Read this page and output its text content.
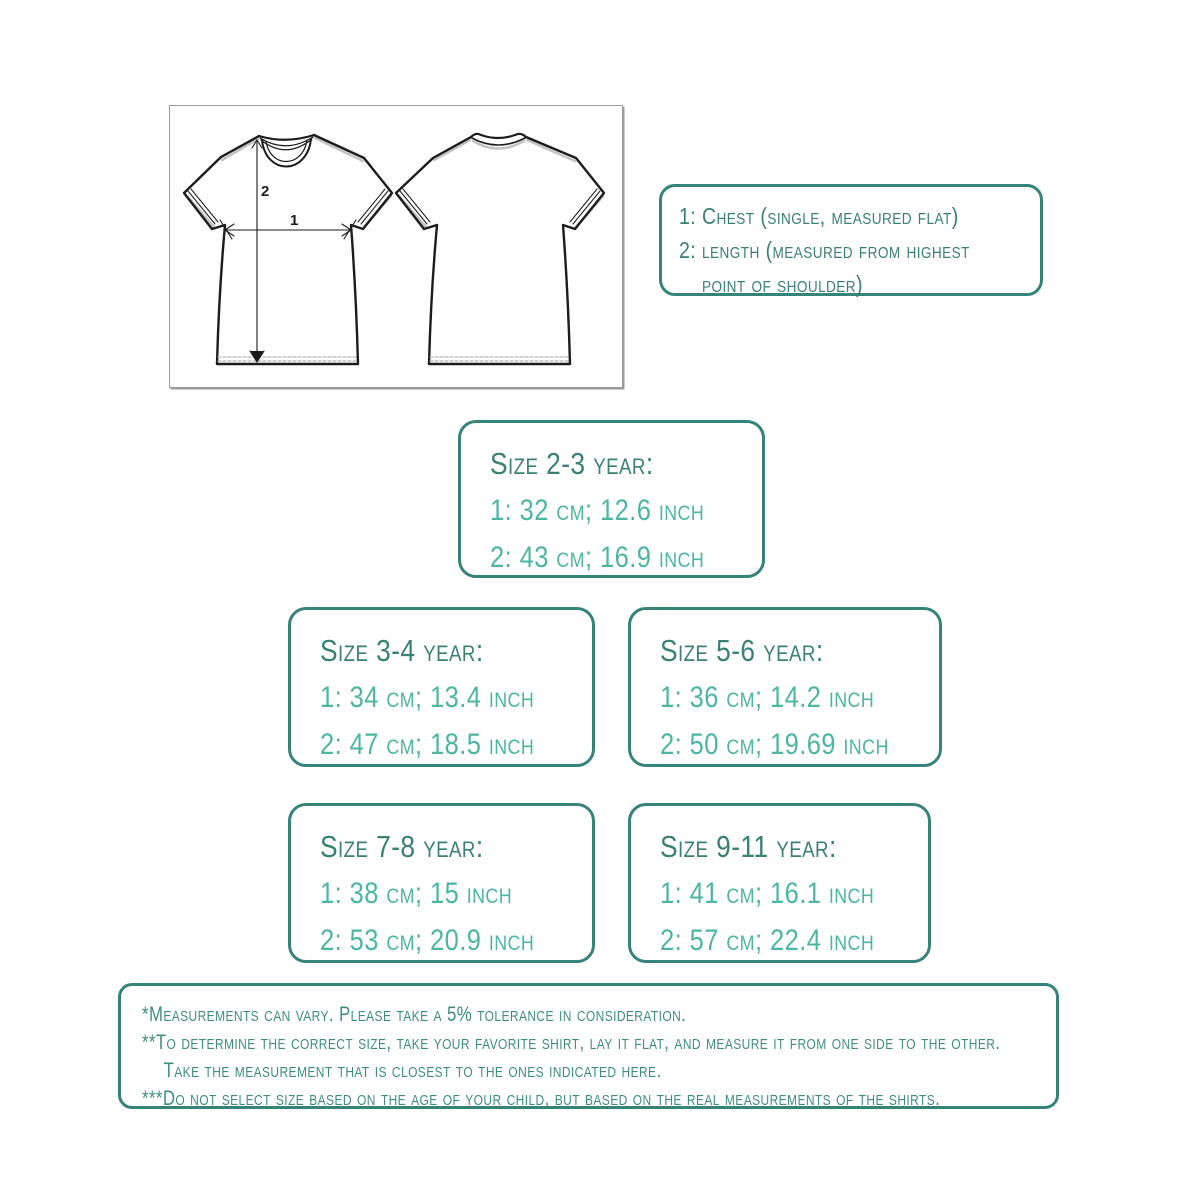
2
1	1: Chest (single, measured flat)
2: length (measured from highest
point of shoulder)
Size 2-3 year:
1: 32 cm; 12.6 inch
2: 43 cm; 16.9 inch
Size 3-4 year:
1: 34 cm; 13.4 inch
2: 47 cm; 18.5 inch
Size 5-6 year:
1: 36 cm; 14.2 inch
2: 50 cm; 19.69 inch
Size 7-8 year:
1: 38 cm; 15 inch
2: 53 cm; 20.9 inch
Size 9-11 year:
1: 41 cm; 16.1 inch
2: 57 cm; 22.4 inch
*Measurements can vary. Please take a 5% tolerance in consideration.
**To determine the correct size, take your favorite shirt, lay it flat, and measure it from one side to the other.
Take the measurement that is closest to the ones indicated here.
***Do not select size based on the age of your child, but based on the real measurements of the shirts.
